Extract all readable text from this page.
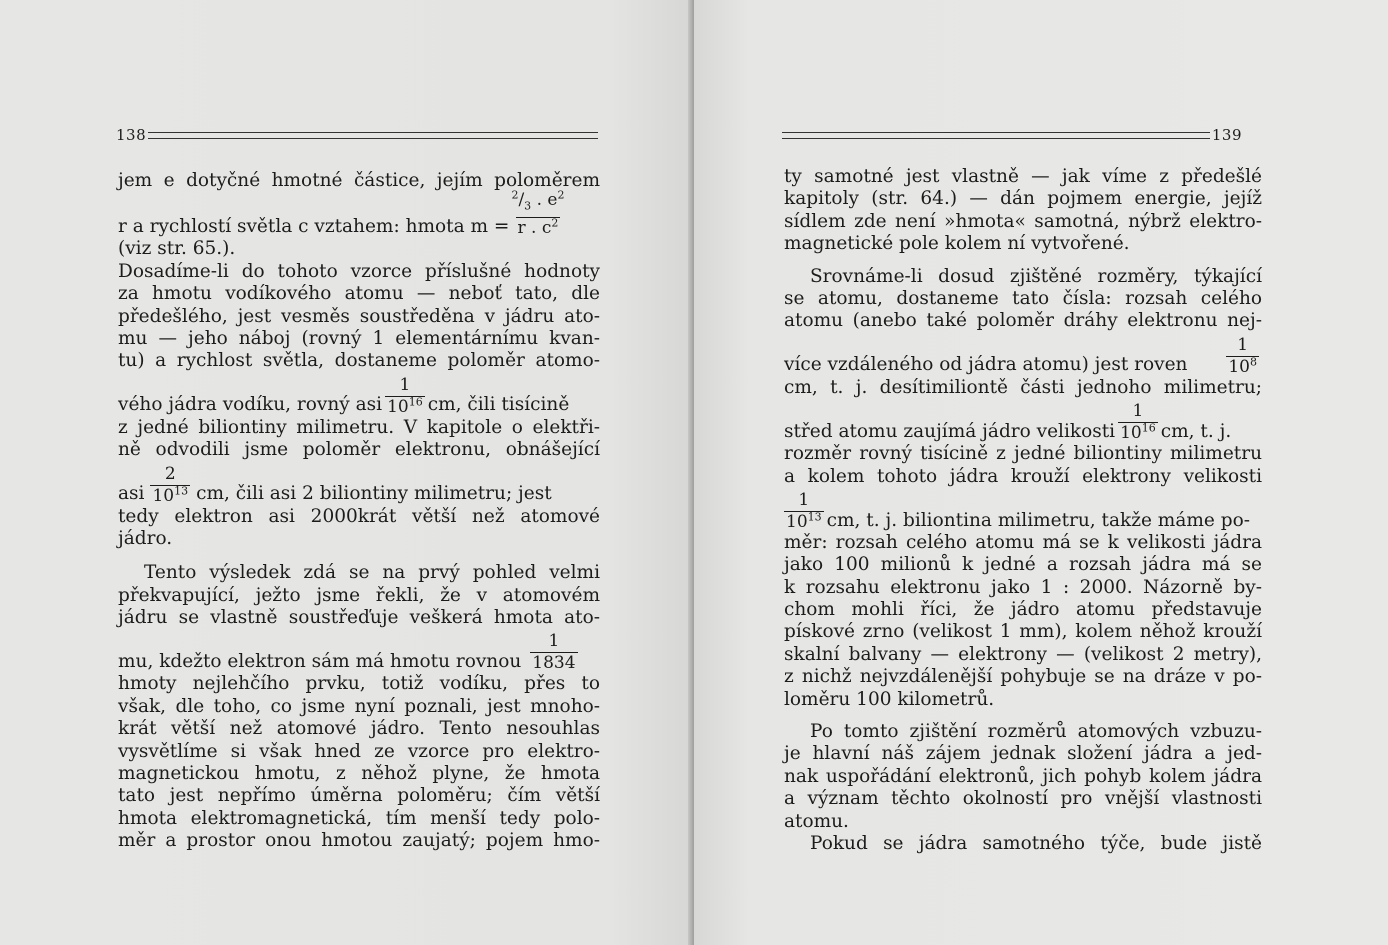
138
jem e dotyčné hmotné částice, jejím poloměrem
r a rychlostí světla c vztahem: hmota $m = \frac{^2/_3 . e^2}{r . c^2}$
(viz str. 65.).
Dosadíme-li do tohoto vzorce příslušné hodnoty
za hmotu vodíkového atomu — neboť tato, dle
předešlého, jest vesměs soustředěna v jádru ato-
mu — jeho náboj (rovný 1 elementárnímu kvan-
tu) a rychlost světla, dostaneme poloměr atomo-
vého jádra vodíku, rovný asi $\frac{1}{10^{16}}$ cm, čili tisícině
z jedné biliontiny milimetru. V kapitole o elektři-
ně odvodili jsme poloměr elektronu, obnášející
asi $\frac{2}{10^{13}}$ cm, čili asi 2 biliontiny milimetru; jest
tedy elektron asi 2000krát větší než atomové
jádro.
Tento výsledek zdá se na prvý pohled velmi
překvapující, ježto jsme řekli, že v atomovém
jádru se vlastně soustřeďuje veškerá hmota ato-
mu, kdežto elektron sám má hmotu rovnou $\frac{1}{1834}$
hmoty nejlehčího prvku, totiž vodíku, přes to
však, dle toho, co jsme nyní poznali, jest mnoho-
krát větší než atomové jádro. Tento nesouhlas
vysvětlíme si však hned ze vzorce pro elektro-
magnetickou hmotu, z něhož plyne, že hmota
tato jest nepřímo úměrna poloměru; čím větší
hmota elektromagnetická, tím menší tedy polo-
měr a prostor onou hmotou zaujatý; pojem hmo-
139
ty samotné jest vlastně — jak víme z předešlé
kapitoly (str. 64.) — dán pojmem energie, jejíž
sídlem zde není »hmota« samotná, nýbrž elektro-
magnetické pole kolem ní vytvořené.
Srovnáme-li dosud zjištěné rozměry, týkající
se atomu, dostaneme tato čísla: rozsah celého
atomu (anebo také poloměr dráhy elektronu nej-
více vzdáleného od jádra atomu) jest roven	$\frac{1}{10^8}$
cm, t. j. desítimiliontě části jednoho milimetru;
střed atomu zaujímá jádro velikosti $\frac{1}{10^{16}}$ cm, t. j.
rozměr rovný tisícině z jedné biliontiny milimetru
a kolem tohoto jádra krouží elektrony velikosti
$\frac{1}{10^{13}}$ cm, t. j. biliontina milimetru, takže máme po-
měr: rozsah celého atomu má se k velikosti jádra
jako 100 milionů k jedné a rozsah jádra má se
k rozsahu elektronu jako 1 : 2000. Názorně by-
chom mohli říci, že jádro atomu představuje
pískové zrno (velikost 1 mm), kolem něhož krouží
skalní balvany — elektrony — (velikost 2 metry),
z nichž nejvzdálenější pohybuje se na dráze v po-
loměru 100 kilometrů.
Po tomto zjištění rozměrů atomových vzbuzu-
je hlavní náš zájem jednak složení jádra a jed-
nak uspořádání elektronů, jich pohyb kolem jádra
a význam těchto okolností pro vnější vlastnosti
atomu.
Pokud se jádra samotného týče, bude jistě
